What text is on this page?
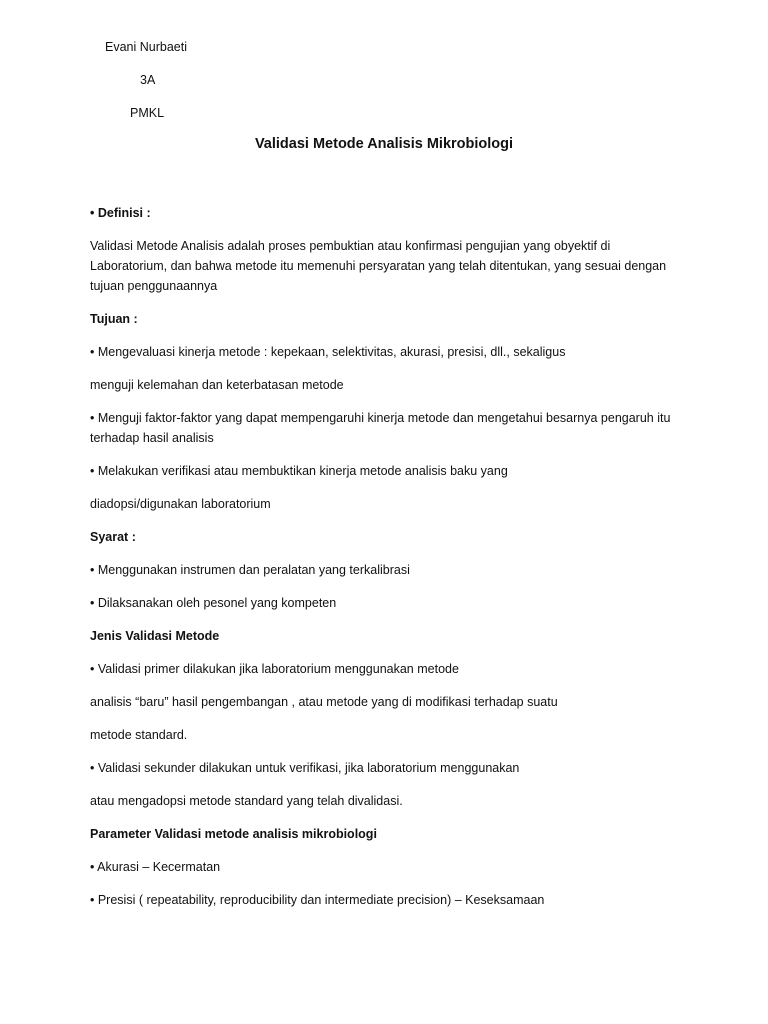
Evani Nurbaeti
3A
PMKL
Validasi Metode Analisis Mikrobiologi
• Definisi :
Validasi Metode Analisis adalah proses pembuktian atau konfirmasi pengujian yang obyektif di Laboratorium, dan bahwa metode itu memenuhi persyaratan yang telah ditentukan, yang sesuai dengan tujuan penggunaannya
Tujuan :
• Mengevaluasi kinerja metode : kepekaan, selektivitas, akurasi, presisi, dll., sekaligus
menguji kelemahan dan keterbatasan metode
• Menguji faktor-faktor yang dapat mempengaruhi kinerja metode dan mengetahui besarnya pengaruh itu terhadap hasil analisis
• Melakukan verifikasi atau membuktikan kinerja metode analisis baku yang
diadopsi/digunakan laboratorium
Syarat :
• Menggunakan instrumen dan peralatan yang terkalibrasi
• Dilaksanakan oleh pesonel yang kompeten
Jenis Validasi Metode
• Validasi primer dilakukan jika laboratorium menggunakan metode
analisis “baru” hasil pengembangan , atau metode yang di modifikasi terhadap suatu
metode standard.
• Validasi sekunder dilakukan untuk verifikasi, jika laboratorium menggunakan
atau mengadopsi metode standard yang telah divalidasi.
Parameter Validasi metode analisis mikrobiologi
• Akurasi – Kecermatan
• Presisi ( repeatability, reproducibility dan intermediate precision) – Keseksamaan
